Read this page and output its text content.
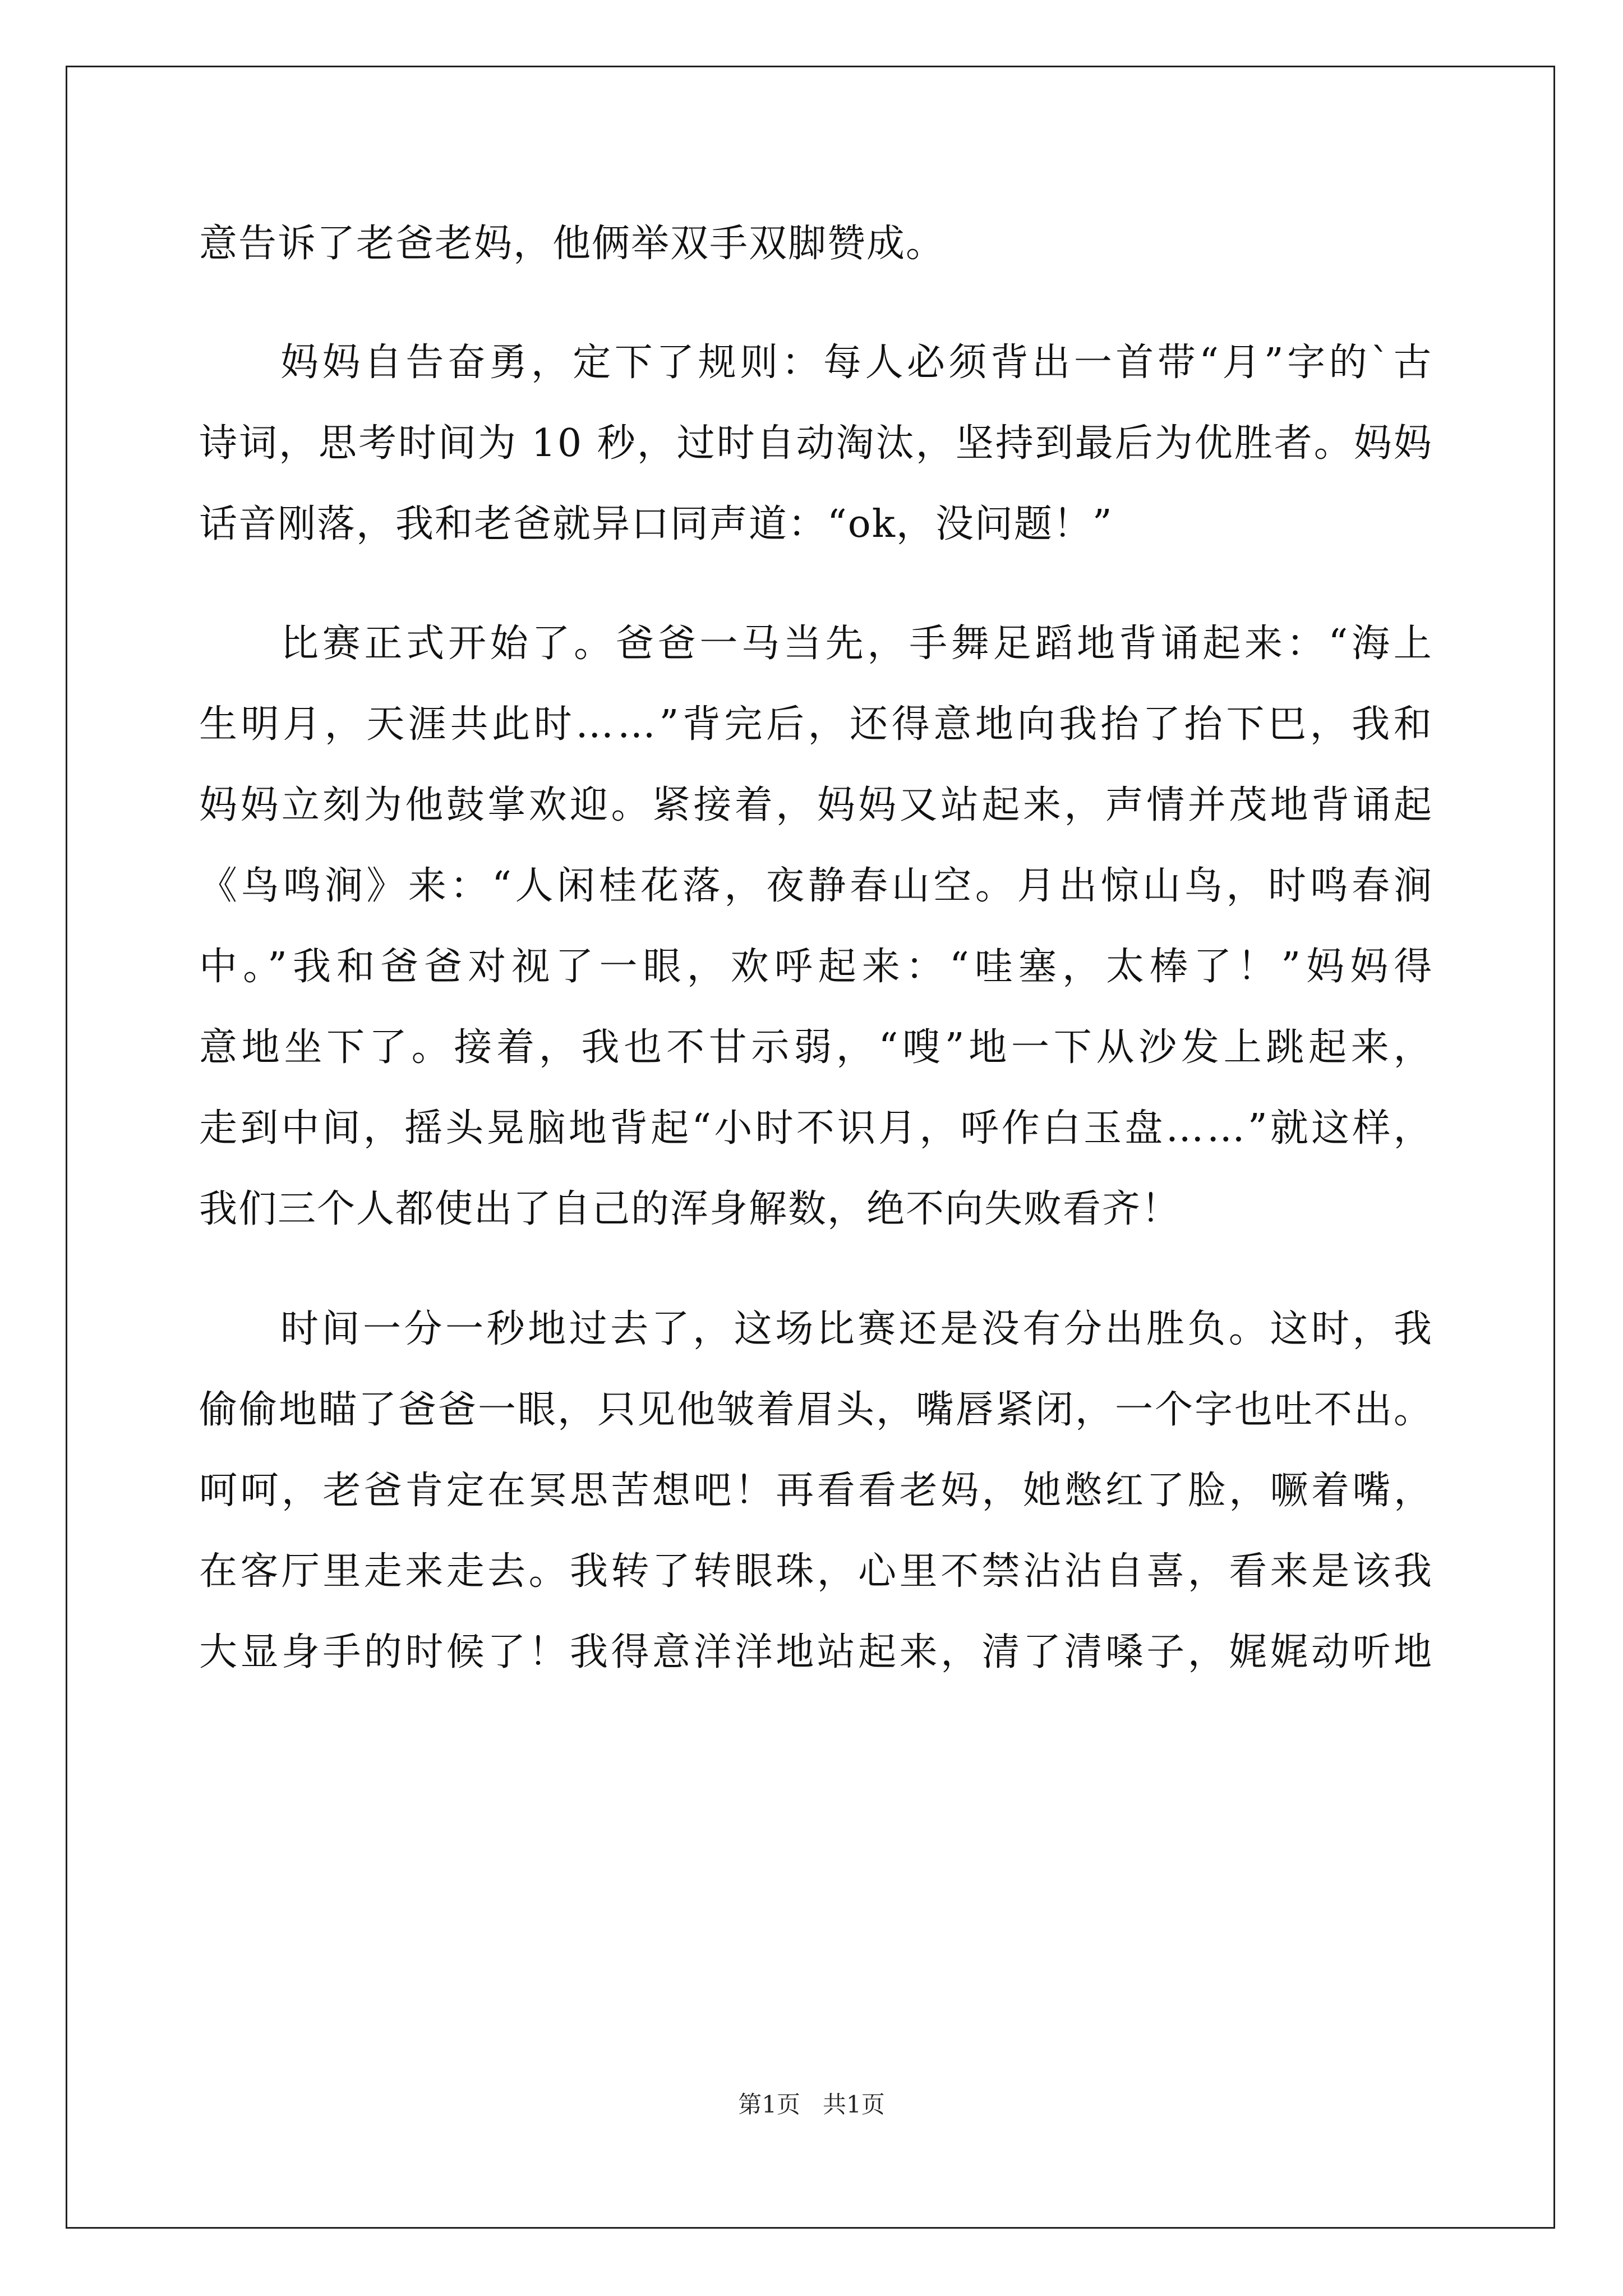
意告诉了老爸老妈，他俩举双手双脚赞成。
妈妈自告奋勇，定下了规则：每人必须背出一首带“月”字的`古
诗词，思考时间为 10 秒，过时自动淘汰，坚持到最后为优胜者。妈妈
话音刚落，我和老爸就异口同声道：“ok，没问题！”
比赛正式开始了。爸爸一马当先，手舞足蹈地背诵起来：“海上
生明月，天涯共此时……”背完后，还得意地向我抬了抬下巴，我和
妈妈立刻为他鼓掌欢迎。紧接着，妈妈又站起来，声情并茂地背诵起
《鸟鸣涧》来：“人闲桂花落，夜静春山空。月出惊山鸟，时鸣春涧
中。”我和爸爸对视了一眼，欢呼起来：“哇塞，太棒了！”妈妈得
意地坐下了。接着，我也不甘示弱，“嗖”地一下从沙发上跳起来，
走到中间，摇头晃脑地背起“小时不识月，呼作白玉盘……”就这样，
我们三个人都使出了自己的浑身解数，绝不向失败看齐！
时间一分一秒地过去了，这场比赛还是没有分出胜负。这时，我
偷偷地瞄了爸爸一眼，只见他皱着眉头，嘴唇紧闭，一个字也吐不出。
呵呵，老爸肯定在冥思苦想吧！再看看老妈，她憋红了脸，噘着嘴，
在客厅里走来走去。我转了转眼珠，心里不禁沾沾自喜，看来是该我
大显身手的时候了！我得意洋洋地站起来，清了清嗓子，娓娓动听地
第1页   共1页
